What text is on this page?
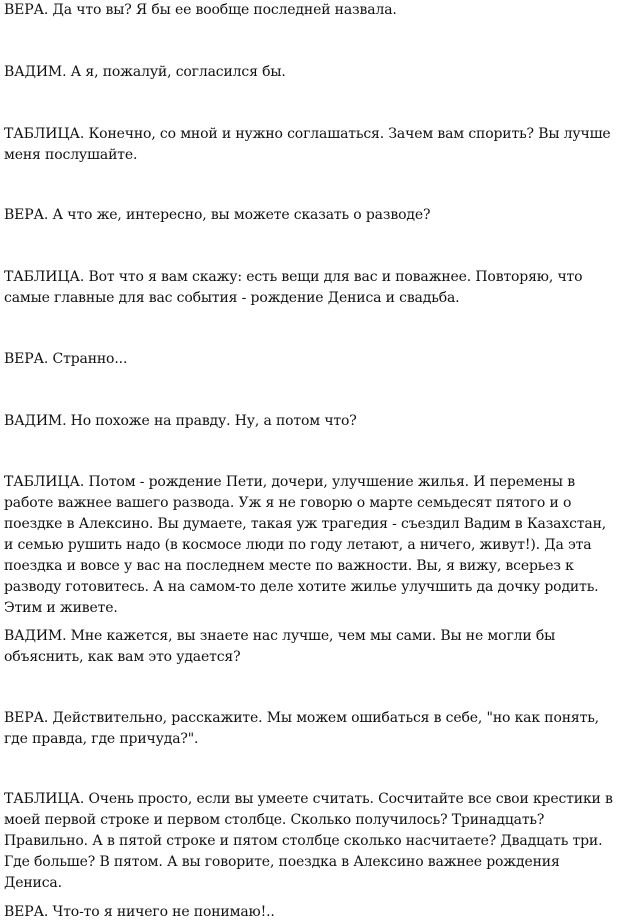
ВЕРА. Да что вы? Я бы ее вообще последней назвала.

ВАДИМ. А я, пожалуй, согласился бы.

ТАБЛИЦА. Конечно, со мной и нужно соглашаться. Зачем вам спорить? Вы лучше меня послушайте.

ВЕРА. А что же, интересно, вы можете сказать о разводе?

ТАБЛИЦА. Вот что я вам скажу: есть вещи для вас и поважнее. Повторяю, что самые главные для вас события - рождение Дениса и свадьба.

ВЕРА. Странно...

ВАДИМ. Но похоже на правду. Ну, а потом что?

ТАБЛИЦА. Потом - рождение Пети, дочери, улучшение жилья. И перемены в работе важнее вашего развода. Уж я не говорю о марте семьдесят пятого и о поездке в Алексино. Вы думаете, такая уж трагедия - съездил Вадим в Казахстан, и семью рушить надо (в космосе люди по году летают, а ничего, живут!). Да эта поездка и вовсе у вас на последнем месте по важности. Вы, я вижу, всерьез к разводу готовитесь. А на самом-то деле хотите жилье улучшить да дочку родить. Этим и живете.

ВАДИМ. Мне кажется, вы знаете нас лучше, чем мы сами. Вы не могли бы объяснить, как вам это удается?

ВЕРА. Действительно, расскажите. Мы можем ошибаться в себе, "но как понять, где правда, где причуда?".

ТАБЛИЦА. Очень просто, если вы умеете считать. Сосчитайте все свои крестики в моей первой строке и первом столбце. Сколько получилось? Тринадцать? Правильно. А в пятой строке и пятом столбце сколько насчитаете? Двадцать три. Где больше? В пятом. А вы говорите, поездка в Алексино важнее рождения Дениса.

ВЕРА. Что-то я ничего не понимаю!..
